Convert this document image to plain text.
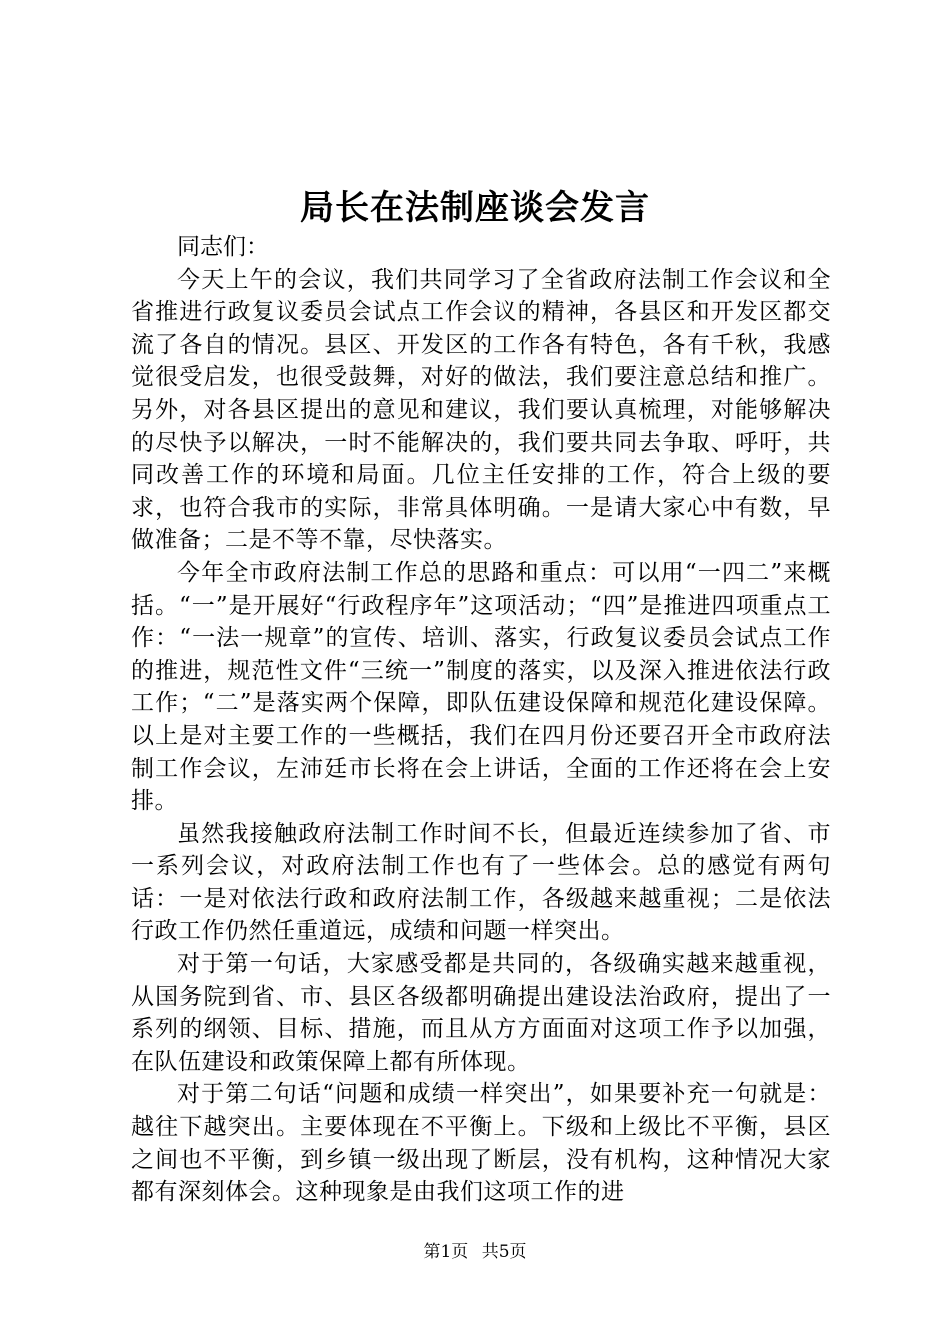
局长在法制座谈会发言

同志们：

今天上午的会议，我们共同学习了全省政府法制工作会议和全省推进行政复议委员会试点工作会议的精神，各县区和开发区都交流了各自的情况。县区、开发区的工作各有特色，各有千秋，我感觉很受启发，也很受鼓舞，对好的做法，我们要注意总结和推广。另外，对各县区提出的意见和建议，我们要认真梳理，对能够解决的尽快予以解决，一时不能解决的，我们要共同去争取、呼吁，共同改善工作的环境和局面。几位主任安排的工作，符合上级的要求，也符合我市的实际，非常具体明确。一是请大家心中有数，早做准备；二是不等不靠，尽快落实。

今年全市政府法制工作总的思路和重点：可以用“一四二”来概括。“一”是开展好“行政程序年”这项活动；“四”是推进四项重点工作：“一法一规章”的宣传、培训、落实，行政复议委员会试点工作的推进，规范性文件“三统一”制度的落实，以及深入推进依法行政工作；“二”是落实两个保障，即队伍建设保障和规范化建设保障。以上是对主要工作的一些概括，我们在四月份还要召开全市政府法制工作会议，左沛廷市长将在会上讲话，全面的工作还将在会上安排。

虽然我接触政府法制工作时间不长，但最近连续参加了省、市一系列会议，对政府法制工作也有了一些体会。总的感觉有两句话：一是对依法行政和政府法制工作，各级越来越重视；二是依法行政工作仍然任重道远，成绩和问题一样突出。

对于第一句话，大家感受都是共同的，各级确实越来越重视，从国务院到省、市、县区各级都明确提出建设法治政府，提出了一系列的纲领、目标、措施，而且从方方面面对这项工作予以加强，在队伍建设和政策保障上都有所体现。

对于第二句话“问题和成绩一样突出”，如果要补充一句就是：越往下越突出。主要体现在不平衡上。下级和上级比不平衡，县区之间也不平衡，到乡镇一级出现了断层，没有机构，这种情况大家都有深刻体会。这种现象是由我们这项工作的进

第1页 共5页
